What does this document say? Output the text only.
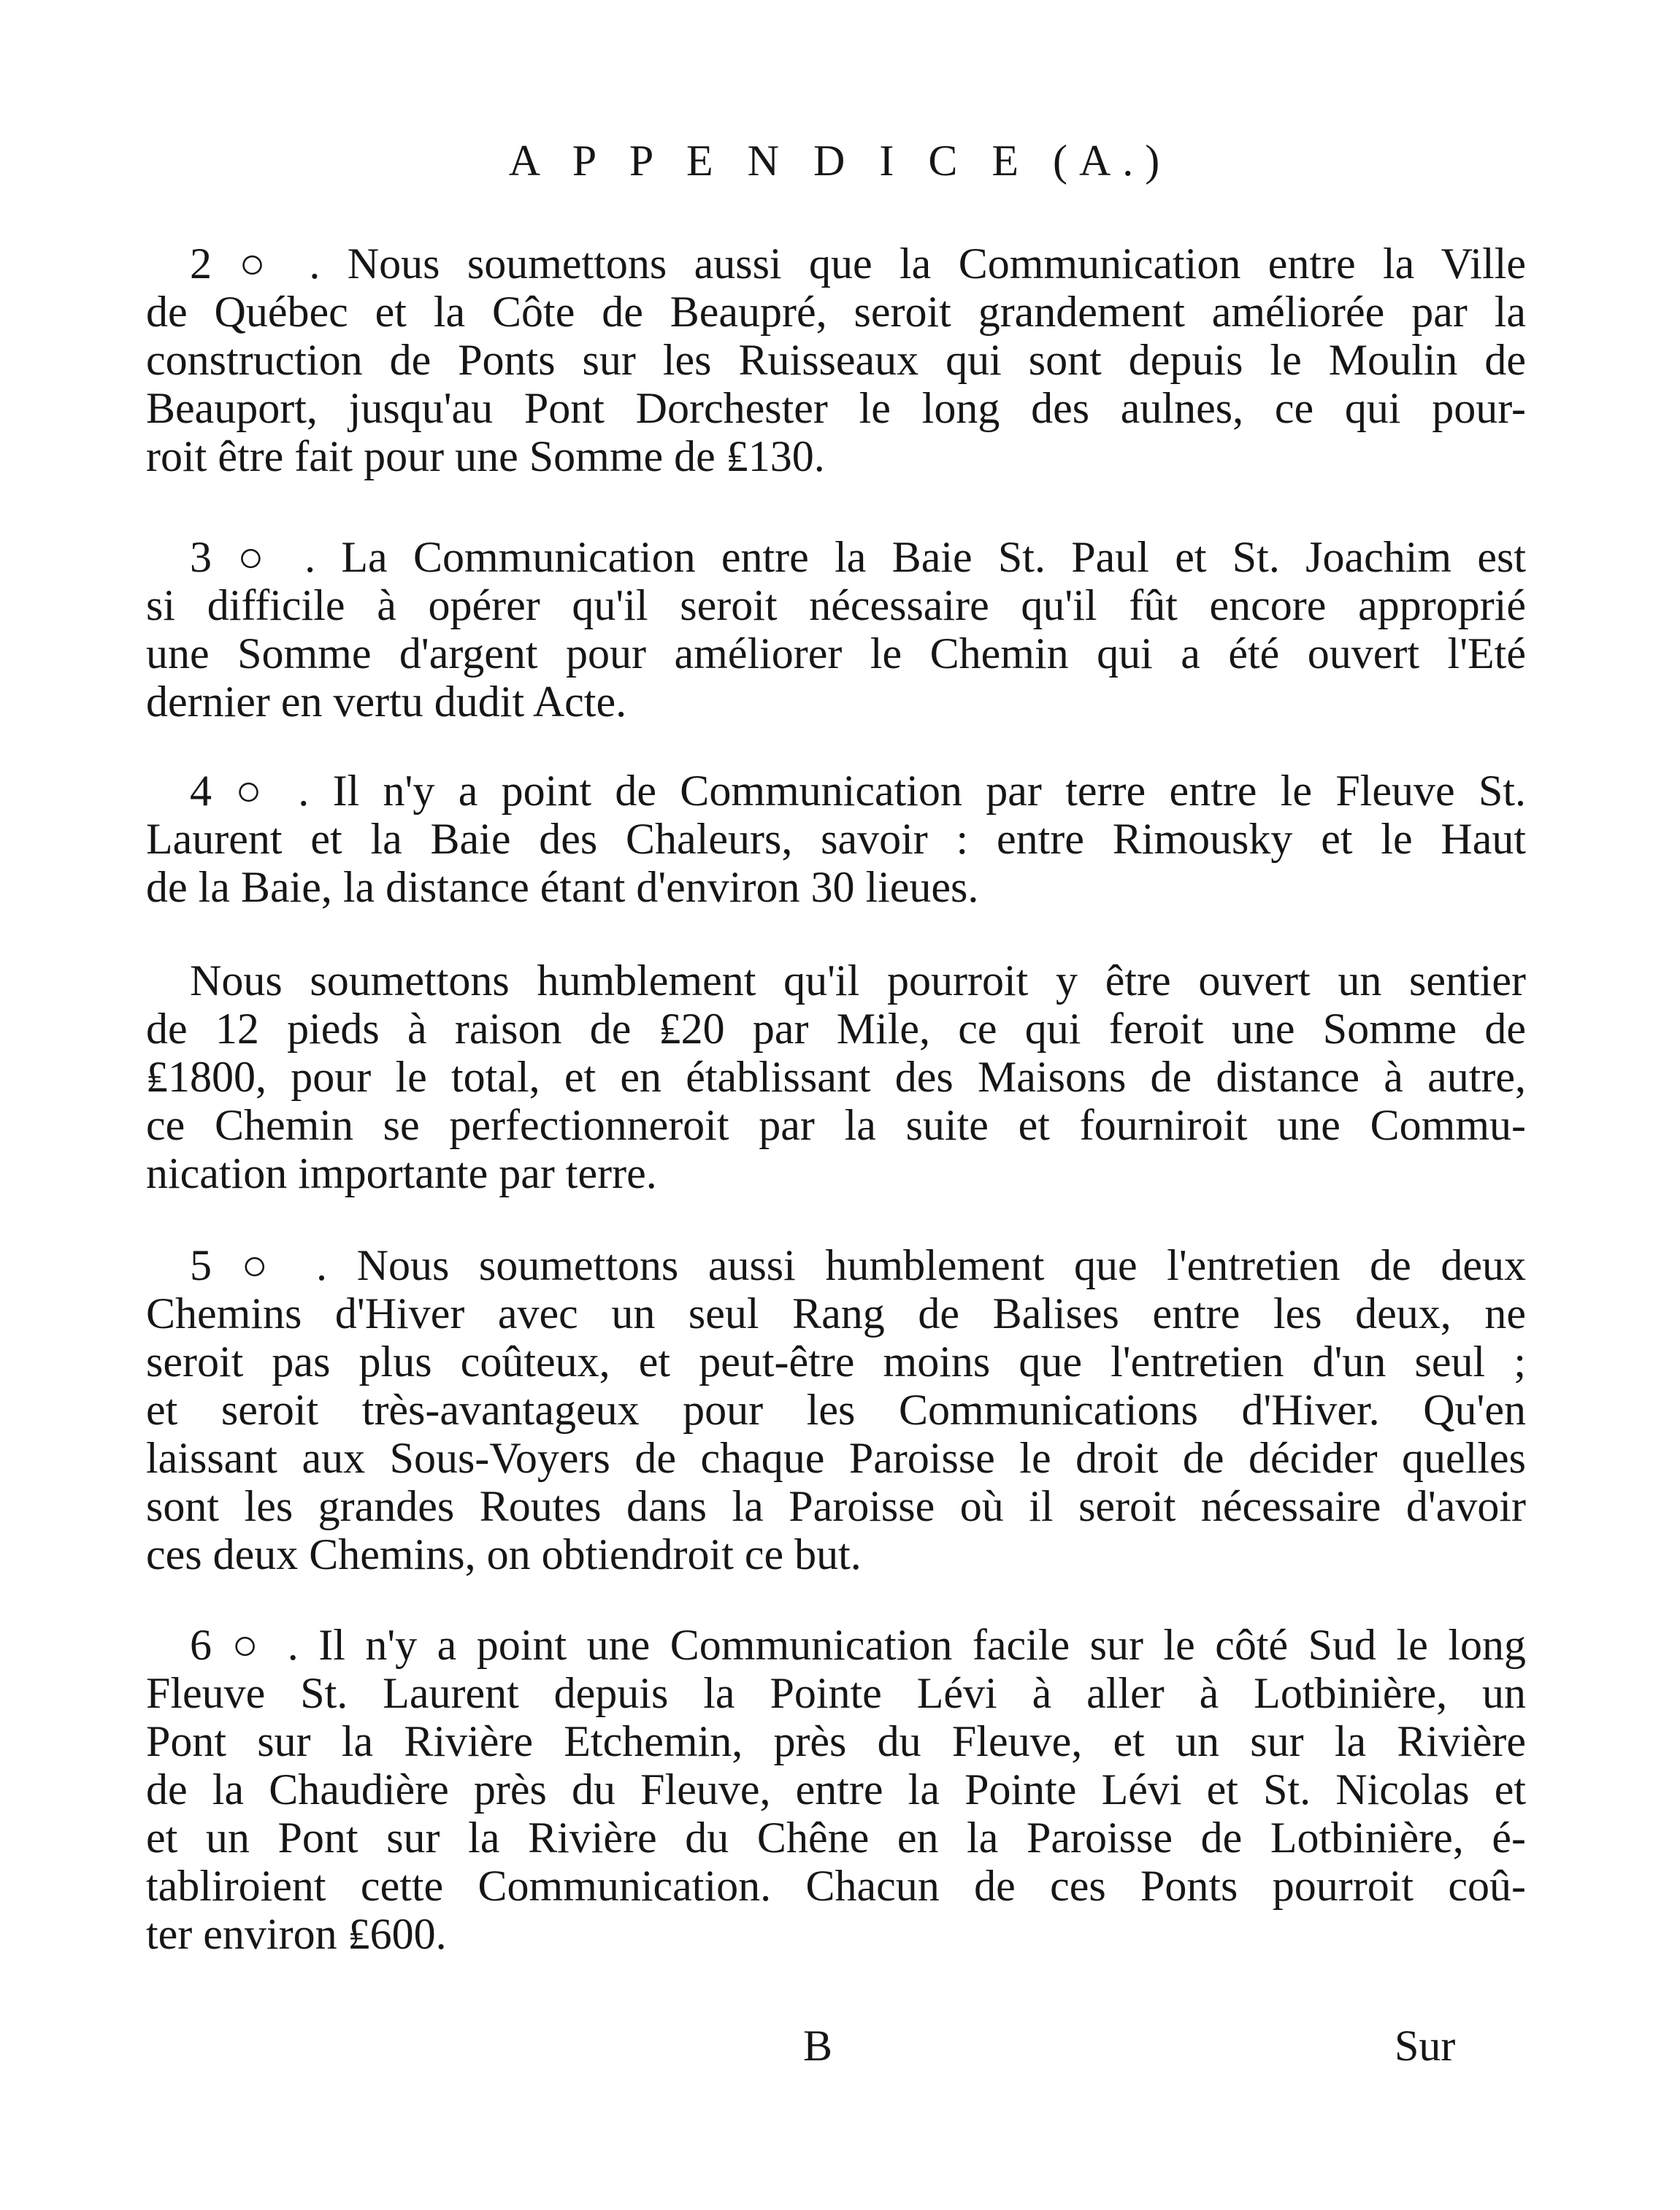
A P P E N D I C E (A.)
2 ○ . Nous soumettons aussi que la Communication entre la Ville
de Québec et la Côte de Beaupré, seroit grandement améliorée par la
construction de Ponts sur les Ruisseaux qui sont depuis le Moulin de
Beauport, jusqu'au Pont Dorchester le long des aulnes, ce qui pour-
roit être fait pour une Somme de ₤130.
3 ○ . La Communication entre la Baie St. Paul et St. Joachim est
si difficile à opérer qu'il seroit nécessaire qu'il fût encore approprié
une Somme d'argent pour améliorer le Chemin qui a été ouvert l'Eté
dernier en vertu dudit Acte.
4 ○ . Il n'y a point de Communication par terre entre le Fleuve St.
Laurent et la Baie des Chaleurs, savoir : entre Rimousky et le Haut
de la Baie, la distance étant d'environ 30 lieues.
Nous soumettons humblement qu'il pourroit y être ouvert un sentier
de 12 pieds à raison de ₤20 par Mile, ce qui feroit une Somme de
₤1800, pour le total, et en établissant des Maisons de distance à autre,
ce Chemin se perfectionneroit par la suite et fourniroit une Commu-
nication importante par terre.
5 ○ . Nous soumettons aussi humblement que l'entretien de deux
Chemins d'Hiver avec un seul Rang de Balises entre les deux, ne
seroit pas plus coûteux, et peut-être moins que l'entretien d'un seul ;
et seroit très-avantageux pour les Communications d'Hiver. Qu'en
laissant aux Sous-Voyers de chaque Paroisse le droit de décider quelles
sont les grandes Routes dans la Paroisse où il seroit nécessaire d'avoir
ces deux Chemins, on obtiendroit ce but.
6 ○ . Il n'y a point une Communication facile sur le côté Sud le long
Fleuve St. Laurent depuis la Pointe Lévi à aller à Lotbinière, un
Pont sur la Rivière Etchemin, près du Fleuve, et un sur la Rivière
de la Chaudière près du Fleuve, entre la Pointe Lévi et St. Nicolas et
et un Pont sur la Rivière du Chêne en la Paroisse de Lotbinière, é-
tabliroient cette Communication. Chacun de ces Ponts pourroit coû-
ter environ ₤600.
B	Sur
